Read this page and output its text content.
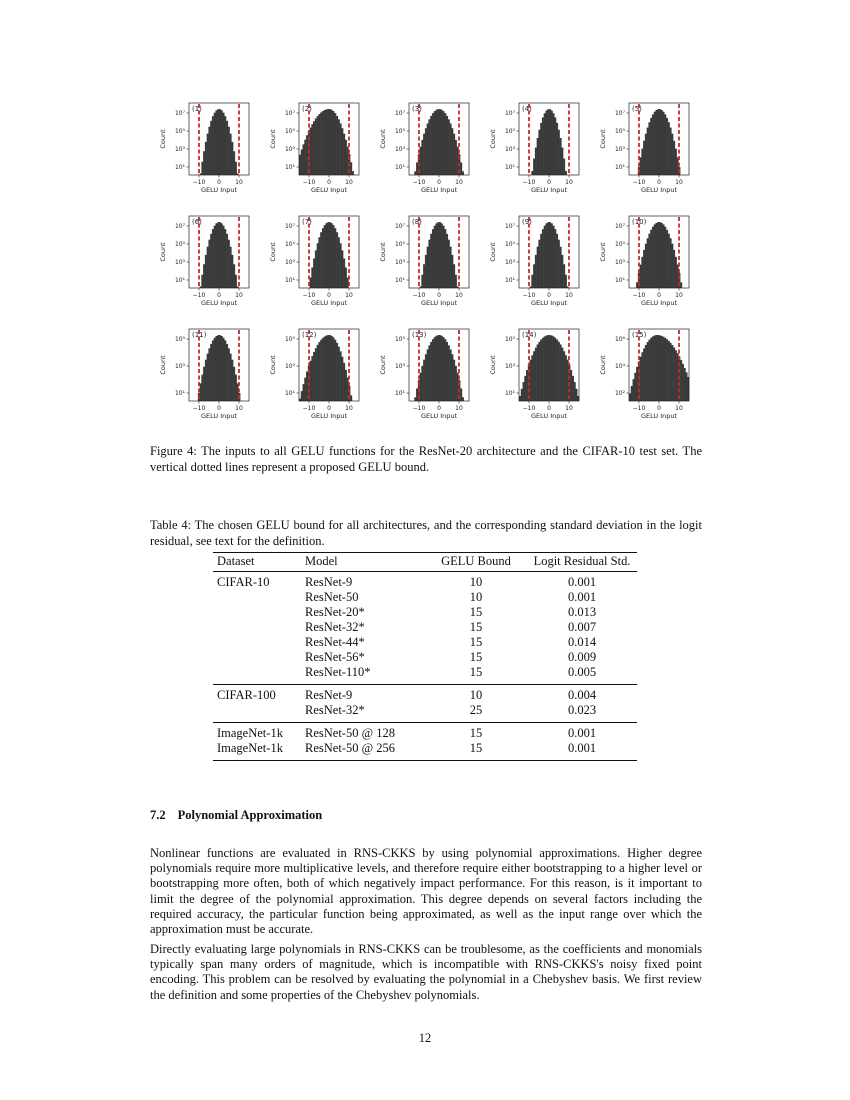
(1)
−10 0 10
GELU Input
10⁷
10⁵
10³
10¹
Count
(2)
−10 0 10
GELU Input
10⁷
10⁵
10³
10¹
Count
(3)
−10 0 10
GELU Input
10⁷
10⁵
10³
10¹
Count
(4)
−10 0 10
GELU Input
10⁷
10⁵
10³
10¹
Count
(5)
−10 0 10
GELU Input
10⁷
10⁵
10³
10¹
Count
(6)
−10 0 10
GELU Input
10⁷
10⁵
10³
10¹
Count
(7)
−10 0 10
GELU Input
10⁷
10⁵
10³
10¹
Count
(8)
−10 0 10
GELU Input
10⁷
10⁵
10³
10¹
Count
(9)
−10 0 10
GELU Input
10⁷
10⁵
10³
10¹
Count
(10)
−10 0 10
GELU Input
10⁷
10⁵
10³
10¹
Count
(11)
−10 0 10
GELU Input
10⁵
10³
10¹
Count
(12)
−10 0 10
GELU Input
10⁵
10³
10¹
Count
(13)
−10 0 10
GELU Input
10⁵
10³
10¹
Count
(14)
−10 0 10
GELU Input
10⁵
10³
10¹
Count
(15)
−10 0 10
GELU Input
10⁶
10⁴
10²
Count

Figure 4: The inputs to all GELU functions for the ResNet-20 architecture and the CIFAR-10 test set. The vertical dotted lines represent a proposed GELU bound.

Table 4: The chosen GELU bound for all architectures, and the corresponding standard deviation in the logit residual, see text for the definition.

Dataset	Model	GELU Bound	Logit Residual Std.
CIFAR-10	ResNet-9	10	0.001
	ResNet-50	10	0.001
	ResNet-20*	15	0.013
	ResNet-32*	15	0.007
	ResNet-44*	15	0.014
	ResNet-56*	15	0.009
	ResNet-110*	15	0.005
CIFAR-100	ResNet-9	10	0.004
	ResNet-32*	25	0.023
ImageNet-1k	ResNet-50 @ 128	15	0.001
ImageNet-1k	ResNet-50 @ 256	15	0.001
7.2 Polynomial Approximation

Nonlinear functions are evaluated in RNS-CKKS by using polynomial approximations. Higher degree polynomials require more multiplicative levels, and therefore require either bootstrapping to a higher level or bootstrapping more often, both of which negatively impact performance. For this reason, is it important to limit the degree of the polynomial approximation. This degree depends on several factors including the required accuracy, the particular function being approximated, as well as the input range over which the approximation must be accurate.

Directly evaluating large polynomials in RNS-CKKS can be troublesome, as the coefficients and monomials typically span many orders of magnitude, which is incompatible with RNS-CKKS's noisy fixed point encoding. This problem can be resolved by evaluating the polynomial in a Chebyshev basis. We first review the definition and some properties of the Chebyshev polynomials.

12
